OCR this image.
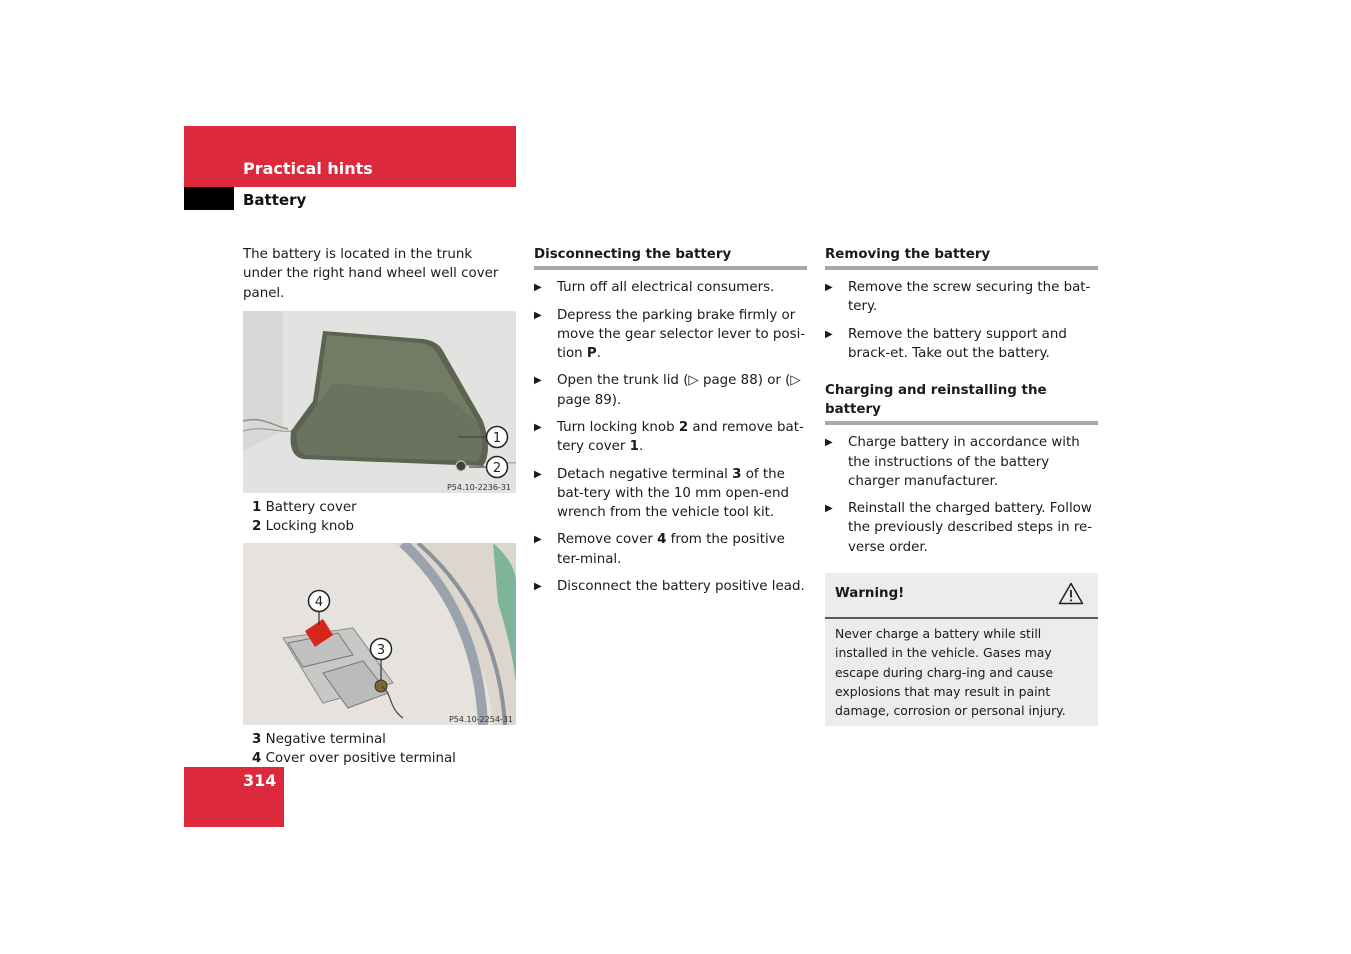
Practical hints
Battery
The battery is located in the trunk under the right hand wheel well cover panel.
1
2
P54.10-2236-31
1 Battery cover
2 Locking knob
4
3
P54.10-2254-31
3 Negative terminal
4 Cover over positive terminal
Disconnecting the battery
▶ Turn off all electrical consumers.
▶ Depress the parking brake firmly or move the gear selector lever to posi-tion P.
▶ Open the trunk lid (▷ page 88) or (▷ page 89).
▶ Turn locking knob 2 and remove bat-tery cover 1.
▶ Detach negative terminal 3 of the bat-tery with the 10 mm open-end wrench from the vehicle tool kit.
▶ Remove cover 4 from the positive ter-minal.
▶ Disconnect the battery positive lead.
Removing the battery
▶ Remove the screw securing the bat-tery.
▶ Remove the battery support and brack-et. Take out the battery.
Charging and reinstalling the battery
▶ Charge battery in accordance with the instructions of the battery charger manufacturer.
▶ Reinstall the charged battery. Follow the previously described steps in re-verse order.
Warning!
Never charge a battery while still installed in the vehicle. Gases may escape during charg-ing and cause explosions that may result in paint damage, corrosion or personal injury.
314
